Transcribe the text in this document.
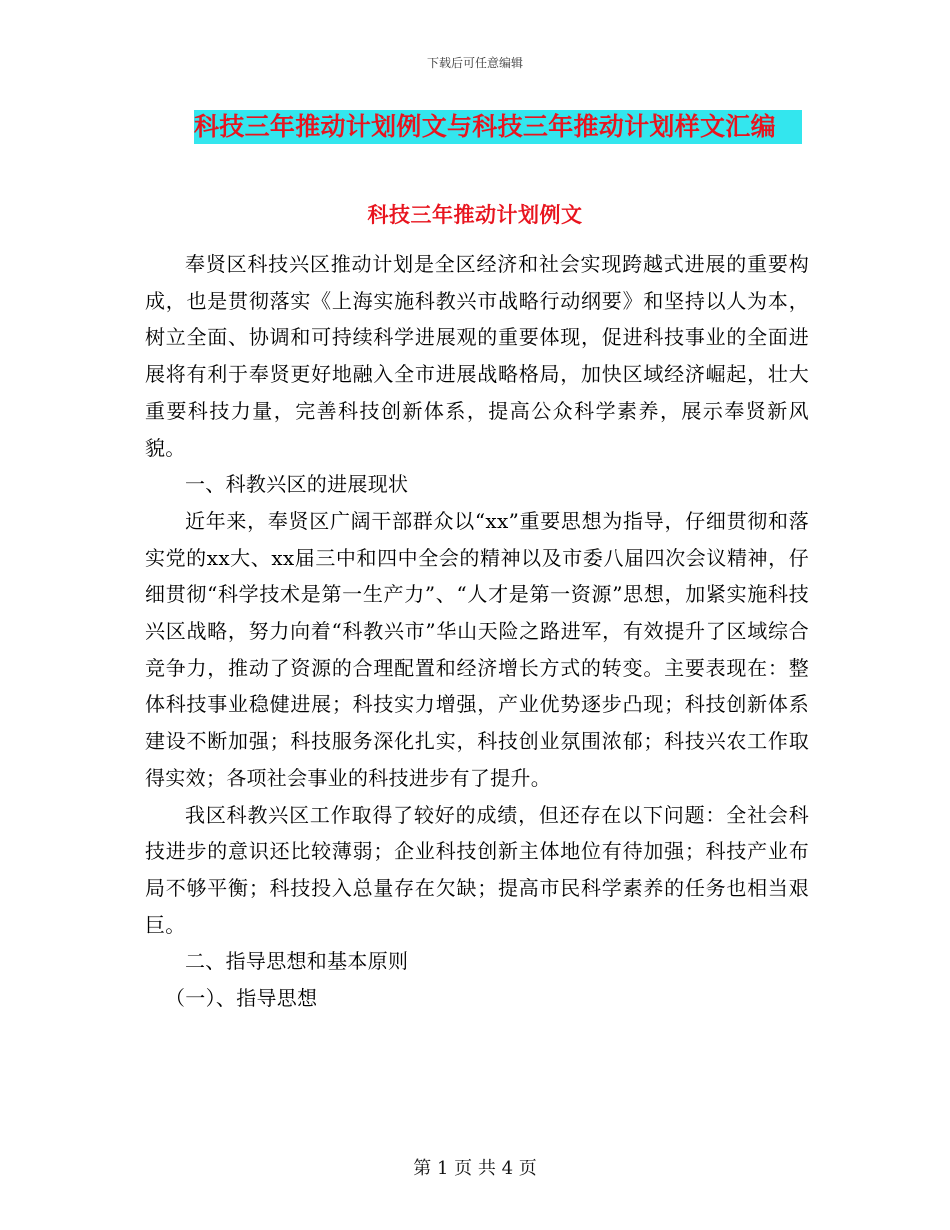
下载后可任意编辑
科技三年推动计划例文与科技三年推动计划样文汇编
科技三年推动计划例文

奉贤区科技兴区推动计划是全区经济和社会实现跨越式进展的重要构成，也是贯彻落实《上海实施科教兴市战略行动纲要》和坚持以人为本，树立全面、协调和可持续科学进展观的重要体现，促进科技事业的全面进展将有利于奉贤更好地融入全市进展战略格局，加快区域经济崛起，壮大重要科技力量，完善科技创新体系，提高公众科学素养，展示奉贤新风貌。

一、科教兴区的进展现状

近年来，奉贤区广阔干部群众以“xx”重要思想为指导，仔细贯彻和落实党的xx大、xx届三中和四中全会的精神以及市委八届四次会议精神，仔细贯彻“科学技术是第一生产力”、“人才是第一资源”思想，加紧实施科技兴区战略，努力向着“科教兴市”华山天险之路进军，有效提升了区域综合竞争力，推动了资源的合理配置和经济增长方式的转变。主要表现在：整体科技事业稳健进展；科技实力增强，产业优势逐步凸现；科技创新体系建设不断加强；科技服务深化扎实，科技创业氛围浓郁；科技兴农工作取得实效；各项社会事业的科技进步有了提升。

我区科教兴区工作取得了较好的成绩，但还存在以下问题：全社会科技进步的意识还比较薄弱；企业科技创新主体地位有待加强；科技产业布局不够平衡；科技投入总量存在欠缺；提高市民科学素养的任务也相当艰巨。

二、指导思想和基本原则

（一）、指导思想

第 1 页 共 4 页
